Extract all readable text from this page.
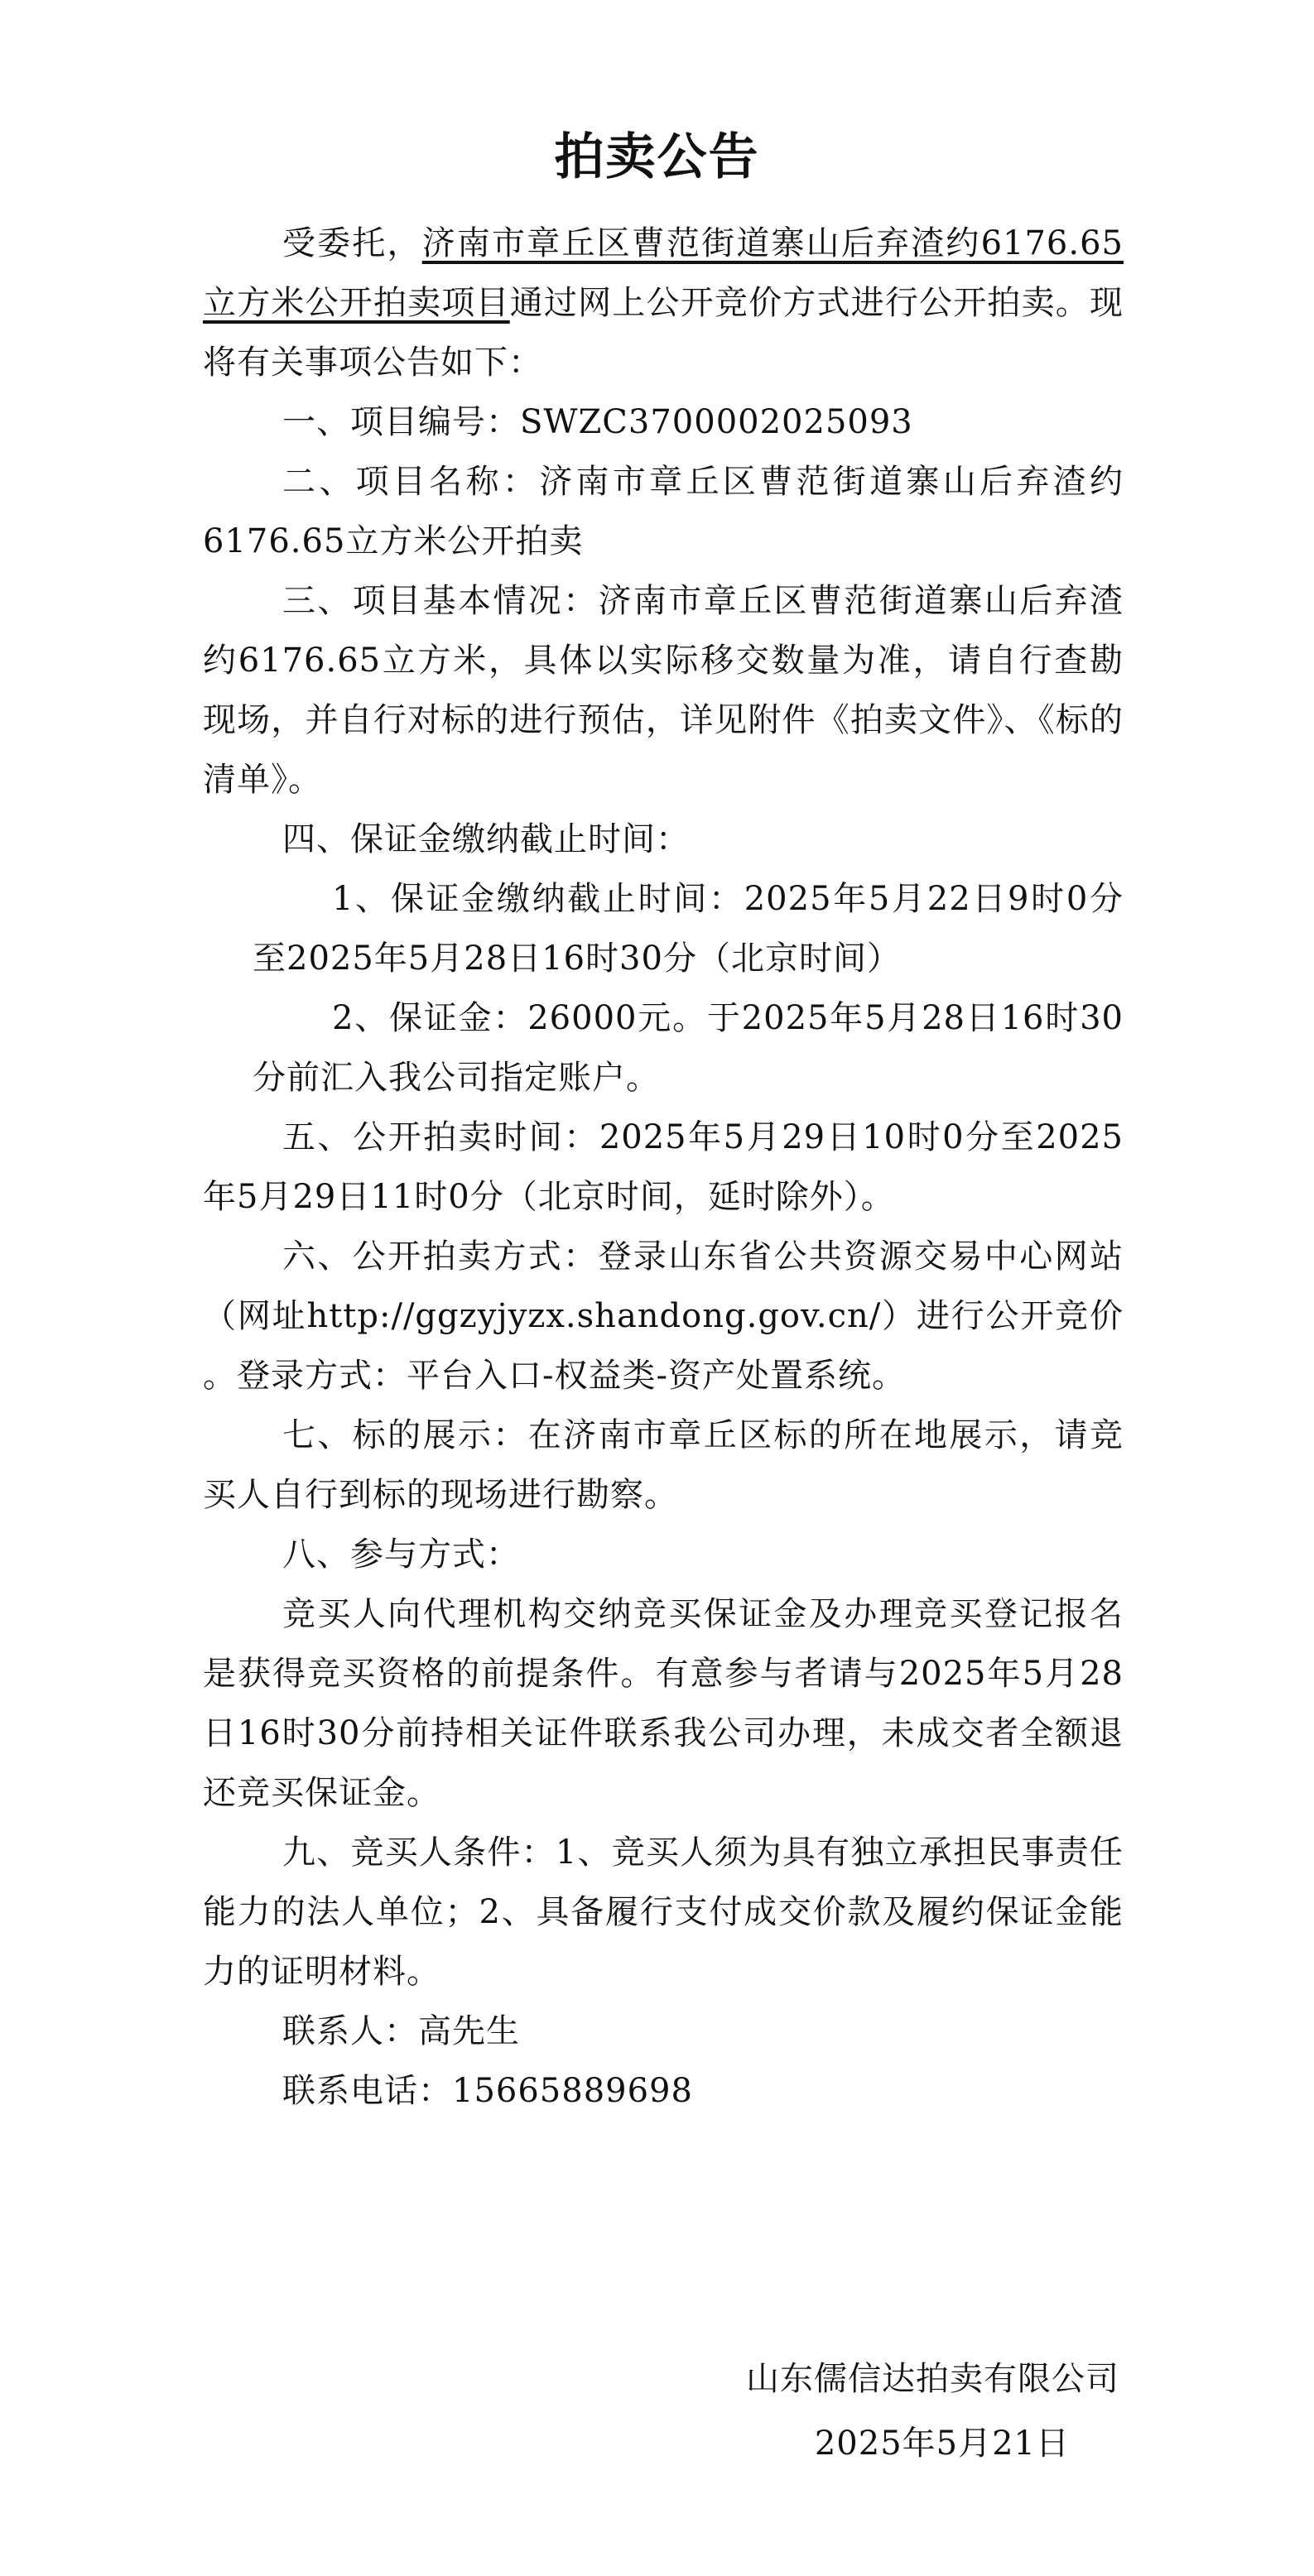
拍卖公告

受委托，济南市章丘区曹范街道寨山后弃渣约6176.65立方米公开拍卖项目通过网上公开竞价方式进行公开拍卖。现将有关事项公告如下：

一、项目编号：SWZC3700002025093

二、项目名称：济南市章丘区曹范街道寨山后弃渣约6176.65立方米公开拍卖

三、项目基本情况：济南市章丘区曹范街道寨山后弃渣约6176.65立方米，具体以实际移交数量为准，请自行查勘现场，并自行对标的进行预估，详见附件《拍卖文件》、《标的清单》。

四、保证金缴纳截止时间：

1、保证金缴纳截止时间：2025年5月22日9时0分至2025年5月28日16时30分（北京时间）

2、保证金：26000元。于2025年5月28日16时30分前汇入我公司指定账户。

五、公开拍卖时间：2025年5月29日10时0分至2025年5月29日11时0分（北京时间，延时除外）。

六、公开拍卖方式：登录山东省公共资源交易中心网站（网址http://ggzyjyzx.shandong.gov.cn/）进行公开竞价 。登录方式：平台入口-权益类-资产处置系统。

七、标的展示：在济南市章丘区标的所在地展示，请竞买人自行到标的现场进行勘察。

八、参与方式：

竞买人向代理机构交纳竞买保证金及办理竞买登记报名是获得竞买资格的前提条件。有意参与者请与2025年5月28日16时30分前持相关证件联系我公司办理，未成交者全额退还竞买保证金。

九、竞买人条件：1、竞买人须为具有独立承担民事责任能力的法人单位；2、具备履行支付成交价款及履约保证金能力的证明材料。

联系人：高先生

联系电话：15665889698

山东儒信达拍卖有限公司
2025年5月21日
